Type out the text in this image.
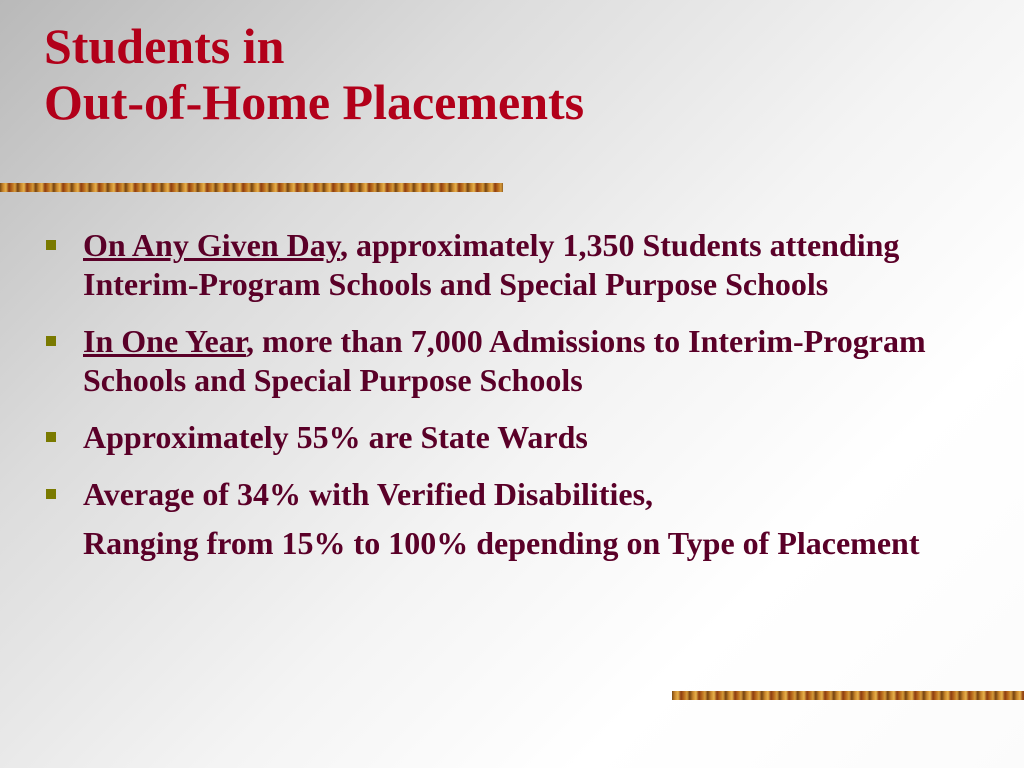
Students in
Out-of-Home Placements
On Any Given Day, approximately 1,350 Students attending Interim-Program Schools and Special Purpose Schools
In One Year, more than 7,000 Admissions to Interim-Program Schools and Special Purpose Schools
Approximately 55% are State Wards
Average of 34% with Verified Disabilities,
Ranging from 15% to 100% depending on Type of Placement
